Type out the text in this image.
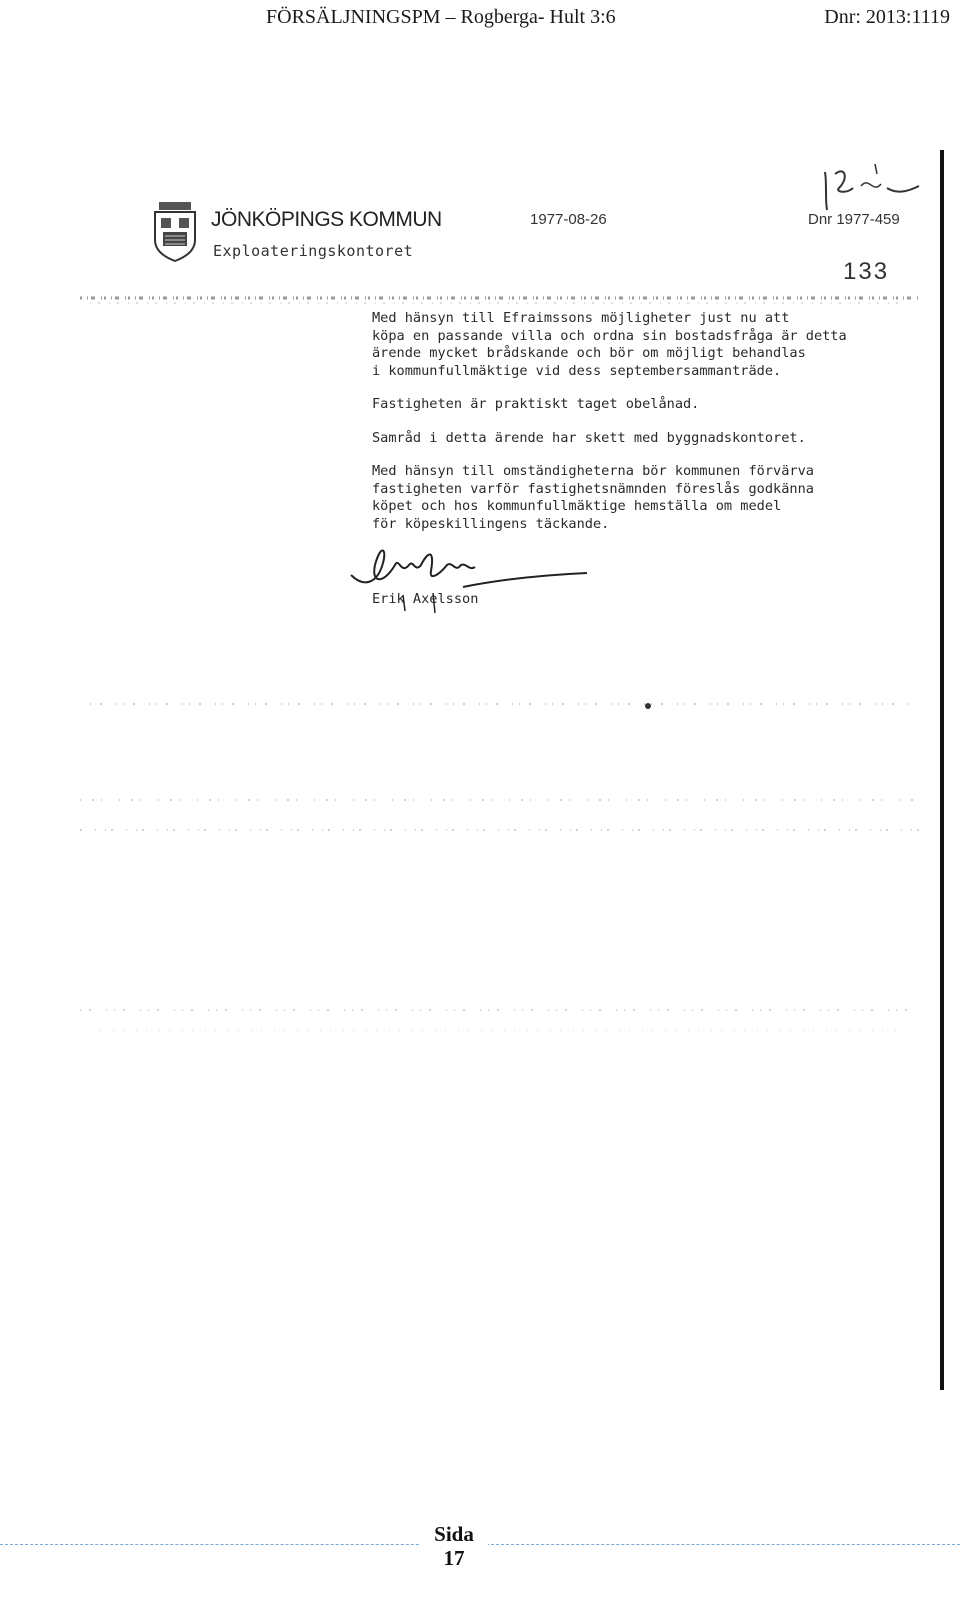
FÖRSÄLJNINGSPM – Rogberga- Hult 3:6	Dnr: 2013:1119
JÖNKÖPINGS KOMMUN
Exploateringskontoret
1977-08-26	Dnr 1977-459
133

Med hänsyn till Efraimssons möjligheter just nu att
köpa en passande villa och ordna sin bostadsfråga är detta
ärende mycket brådskande och bör om möjligt behandlas
i kommunfullmäktige vid dess septembersammanträde.

Fastigheten är praktiskt taget obelånad.

Samråd i detta ärende har skett med byggnadskontoret.

Med hänsyn till omständigheterna bör kommunen förvärva
fastigheten varför fastighetsnämnden föreslås godkänna
köpet och hos kommunfullmäktige hemställa om medel
för köpeskillingens täckande.

Erik Axelsson
Sida
17
